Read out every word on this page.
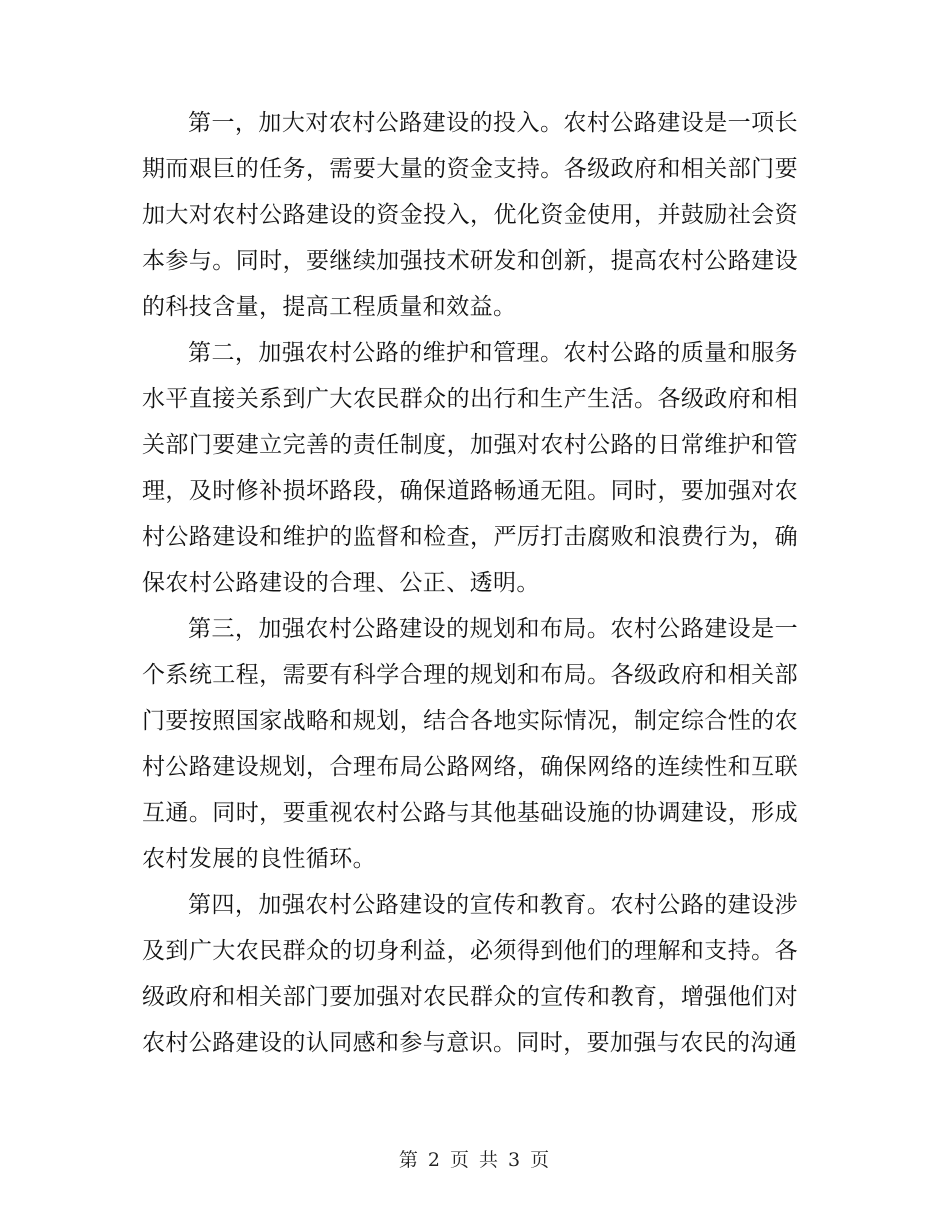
第一，加大对农村公路建设的投入。农村公路建设是一项长期而艰巨的任务，需要大量的资金支持。各级政府和相关部门要加大对农村公路建设的资金投入，优化资金使用，并鼓励社会资本参与。同时，要继续加强技术研发和创新，提高农村公路建设的科技含量，提高工程质量和效益。

第二，加强农村公路的维护和管理。农村公路的质量和服务水平直接关系到广大农民群众的出行和生产生活。各级政府和相关部门要建立完善的责任制度，加强对农村公路的日常维护和管理，及时修补损坏路段，确保道路畅通无阻。同时，要加强对农村公路建设和维护的监督和检查，严厉打击腐败和浪费行为，确保农村公路建设的合理、公正、透明。

第三，加强农村公路建设的规划和布局。农村公路建设是一个系统工程，需要有科学合理的规划和布局。各级政府和相关部门要按照国家战略和规划，结合各地实际情况，制定综合性的农村公路建设规划，合理布局公路网络，确保网络的连续性和互联互通。同时，要重视农村公路与其他基础设施的协调建设，形成农村发展的良性循环。

第四，加强农村公路建设的宣传和教育。农村公路的建设涉及到广大农民群众的切身利益，必须得到他们的理解和支持。各级政府和相关部门要加强对农民群众的宣传和教育，增强他们对农村公路建设的认同感和参与意识。同时，要加强与农民的沟通

第 2 页 共 3 页
